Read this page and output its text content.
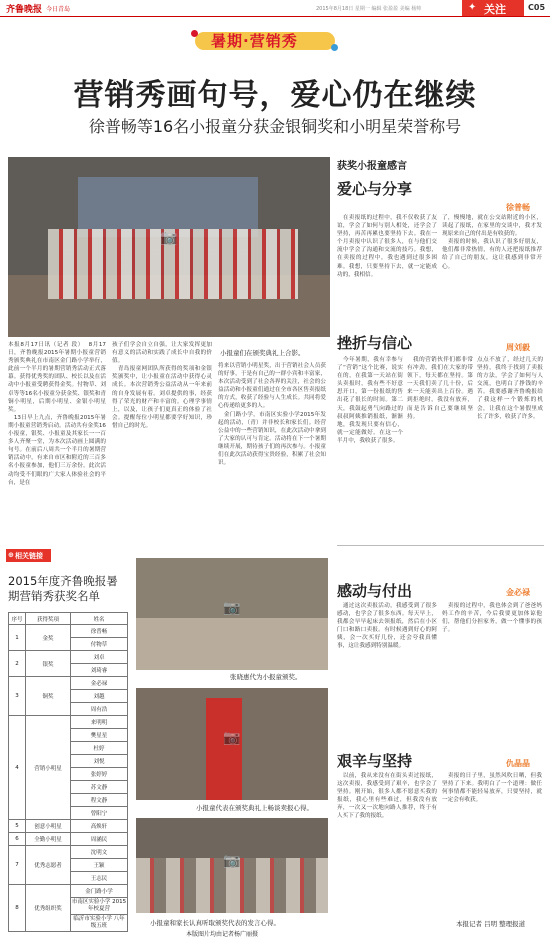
齐鲁晚报 今日青岛	2015年8月18日 星期一 编辑 张盈盈 美编 杨帅	✦ 关注	C05
暑期·营销秀
营销秀画句号，爱心仍在继续
徐普畅等16名小报童分获金银铜奖和小明星荣誉称号
📷
小报童们在颁奖典礼上合影。
本报8月17日讯（记者 段）  8月17日，齐鲁晚报2015年暑期小报童营销秀颁奖典礼在市南区金门路小学举行，此前一个半月的暑期营销秀活动正式落幕。获得优秀奖的团队、校长以及在活动中小报童受聘获得金奖。付物草、刘卓等等16名小报童分获金奖、银奖和青铜小明星，后期小明星、金银小明星奖。
　13日早上九点，齐鲁晚报2015年暑期小报童营销秀启动。活动共有金奖16小报童，银奖、小报童及其家长一一百多人齐聚一堂，为本次活动画上圆满的句号。在前后八周共一个半月的暑期营销活动中，有来自市区和附近的三百多名小报童参加，他们三万余份。此次活动均受不们眼的广大家人体验社会的平台，是在
孩子们学会自立自强，让大家发挥更加有意义的活动和实践了成长中自我的价值。
　青岛报童网团队所获得的奖项和金银奖颁奖中，让小报童在活动中获得心灵成长。本次营销秀公益活动从一年来前的自身发展有着。刘卓提供的事，经获得了荣光的财产和丰富的。心理学事情上，以及，让孩子们更真正的体验了社会。提醒每位小明星都要学好知识，珍惜自己的时光。
将来以营销小明星奖，出于营销社会人员获的好事，于是有自己的一群小宾和丰富家，本次活动受到了社会各界的关注，社会的公益活动和小报童们通过在全市各区售卖报纸的方式，收获了经验与人生成长。共同将爱心传递给更多的人。
　金门路小学，市南区实验小学2015年发起的活动，（青）并非校长和家长们。经营公益中的一些营销知识，在此次活动中拿到了大家的认可与肯定。活动将在下一个暑期继续开展，期待孩子们的再次参与。小报童们在此次活动获得宝贵经验，积累了社会知识。
获奖小报童感言
爱心与分享
徐普畅
　在卖报纸的过程中，我不仅收获了友谊，学会了如何与别人相处，还学会了坚持，再苦再累也要坚持下去。我在一个月卖报中认识了很多人，在与他们交流中学会了沟通和交流的技巧。我想，在卖报的过程中，我也遇到过很多困难。我想，只要坚持下去，就一定能成功的，我相信。
了，慢慢地，就在公交站附近的小区，读起了报纸，在家里的交谈中，我才发现原来自己的付出是有收获的。
　卖报的时候，我认识了很多好朋友，他们都非常热情，有的人还把报纸推荐给了自己的朋友，这让我感到非常开心。
挫折与信心	周刘毅
　今年暑期，我有幸参与了“营销”这个比赛，说实在的，在我第一天站在街头卖报时，我有些不好意思开口，第一份报纸的售出花了很长的时间。第二天，我鼓起勇气向路过的叔叔阿姨推销报纸，渐渐地，我发现只要有信心，就一定能做好。在这一个半月中，我收获了很多。
　我的营销伙伴们都非常有冲劲，我们在大家的带领下，每天都在坚持。第一天我们卖了几十份，后来一天能卖出上百份。遇到拒绝时，我没有放弃，而是告诉自己要继续坚持。
点点不放了，经过几天的坚持，我终于找到了卖报的方法，学会了如何与人交流，也明白了挣钱的辛苦。我要感谢齐鲁晚报给了我这样一个锻炼的机会，让我在这个暑假里成长了许多，收获了许多。
感动与付出	金必禄
　通过这次卖报活动，我感受到了很多感动，也学会了很多东西。每天早上，我都会早早起床去领报纸，然后在小区门口和路口卖报。有时候遇到好心的阿姨，会一次买好几份，还会夸我真懂事，这让我感到特别温暖。
　卖报的过程中，我也体会到了爸爸妈妈工作的辛苦，今后我要更加体谅他们，帮他们分担家务，做一个懂事的孩子。
艰辛与坚持	仇晶晶
　以前，我从来没有在街头卖过报纸，这次卖报，我感受到了艰辛，也学会了坚持。刚开始，很多人都不愿意买我的报纸，我心里有些难过，但我没有放弃，一次又一次地向路人推荐，终于有人买下了我的报纸。
　卖报的日子里，虽然风吹日晒，但我坚持了下来。我明白了一个道理：做任何事情都不能轻易放弃，只要坚持，就一定会有收获。
本报记者 吕明 整理报道
⊕ 相关链接
2015年度齐鲁晚报暑期营销秀获奖名单
序号	获得奖项	姓名
1	金奖	徐普畅
		付物草
2	银奖	刘卓
		刘琦睿
3	铜奖	金必禄
		刘越
		周有浩
4	营销小明星	来明明
		樊星星
		杜婷
		刘悦
		张婷婷
		苏文静
		程文静
		曾阳宁
5	创意小明星	高焕轩
6	全勤小明星	周涵民
7	优秀志愿者	沈明文
		王颖
		王志民
8	优秀组织奖	金门路小学
		市南区实验小学 2015年校夏营
		临沂市实验小学 八年级五班
📷
张晓惠代为小报童颁奖。
📷
小报童代表在颁奖典礼上畅谈卖报心得。
📷
小报童和家长认真听取颁奖代表的发言心得。
本版图片均由记者杨广丽摄
